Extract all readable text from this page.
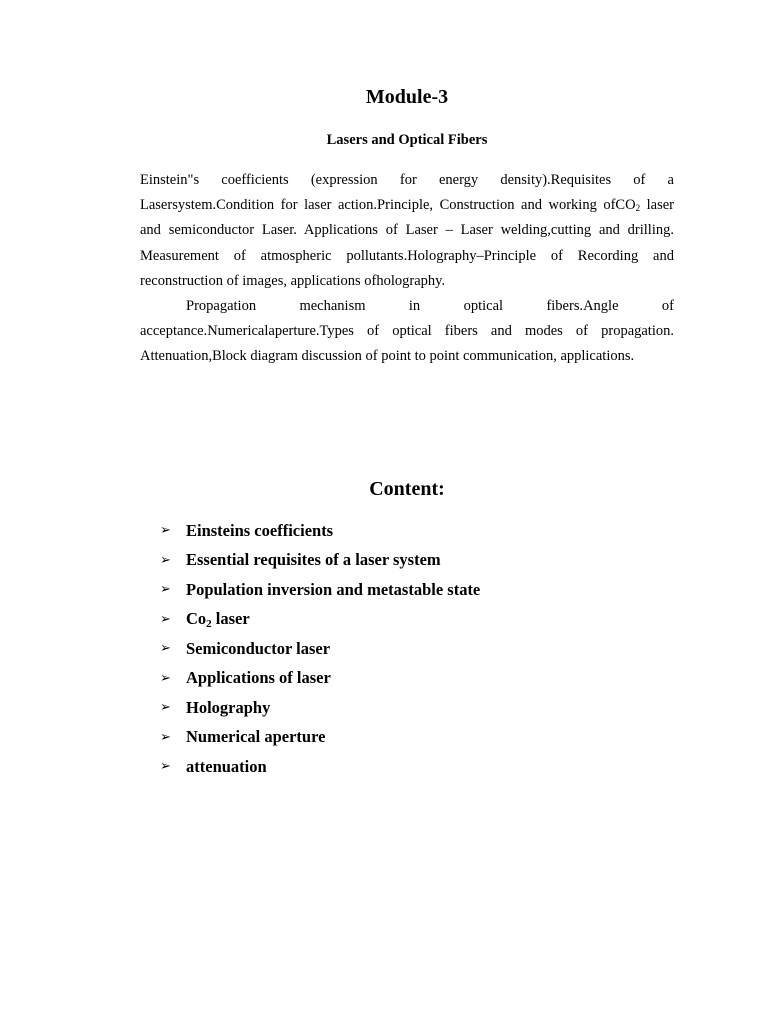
Module-3
Lasers and Optical Fibers

Einstein"s coefficients (expression for energy density).Requisites of a Lasersystem.Condition for laser action.Principle, Construction and working ofCO$_2$ laser and semiconductor Laser. Applications of Laser – Laser welding,cutting and drilling. Measurement of atmospheric pollutants.Holography–Principle of Recording and reconstruction of images, applications ofholography.

Propagation mechanism in optical fibers.Angle of acceptance.Numericalaperture.Types of optical fibers and modes of propagation. Attenuation,Block diagram discussion of point to point communication, applications.

Content:
➢ Einsteins coefficients
➢ Essential requisites of a laser system
➢ Population inversion and metastable state
➢ Co2 laser
➢ Semiconductor laser
➢ Applications of laser
➢ Holography
➢ Numerical aperture
➢ attenuation
